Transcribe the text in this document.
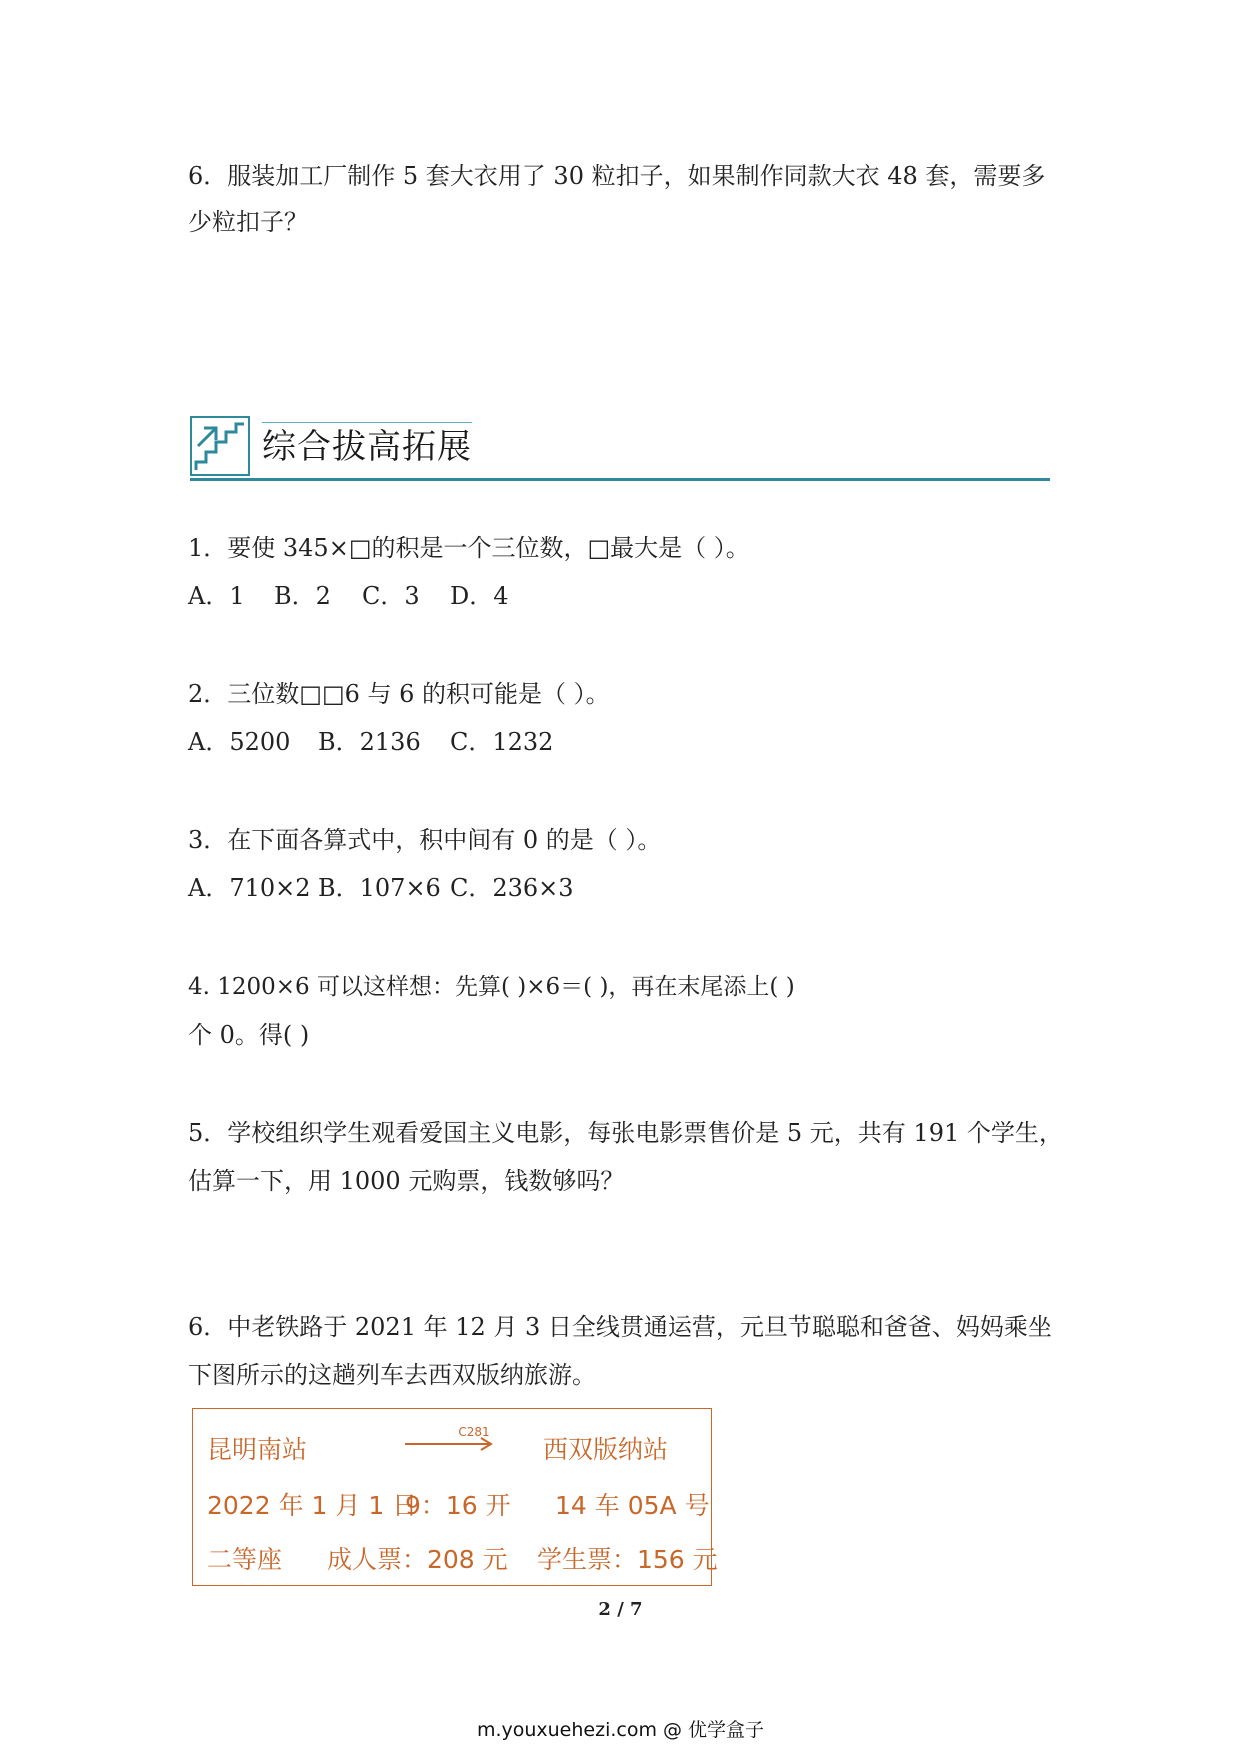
6．服装加工厂制作 5 套大衣用了 30 粒扣子，如果制作同款大衣 48 套，需要多
少粒扣子？
综合拔高拓展
1．要使 345×□的积是一个三位数，□最大是（ ）。
A．1 B．2 C．3 D．4
2．三位数□□6 与 6 的积可能是（ ）。
A．5200 B．2136 C．1232
3．在下面各算式中，积中间有 0 的是（ ）。
A．710×2 B．107×6 C．236×3
4. 1200×6 可以这样想：先算( )×6＝( )，再在末尾添上( )
个 0。得( )
5．学校组织学生观看爱国主义电影，每张电影票售价是 5 元，共有 191 个学生，
估算一下，用 1000 元购票，钱数够吗？
6．中老铁路于 2021 年 12 月 3 日全线贯通运营，元旦节聪聪和爸爸、妈妈乘坐
下图所示的这趟列车去西双版纳旅游。
昆明南站
C281
西双版纳站
2022 年 1 月 1 日
9：16 开 14 车 05A 号
二等座 成人票：208 元 学生票：156 元
2 / 7
m.youxuehezi.com @ 优学盒子
